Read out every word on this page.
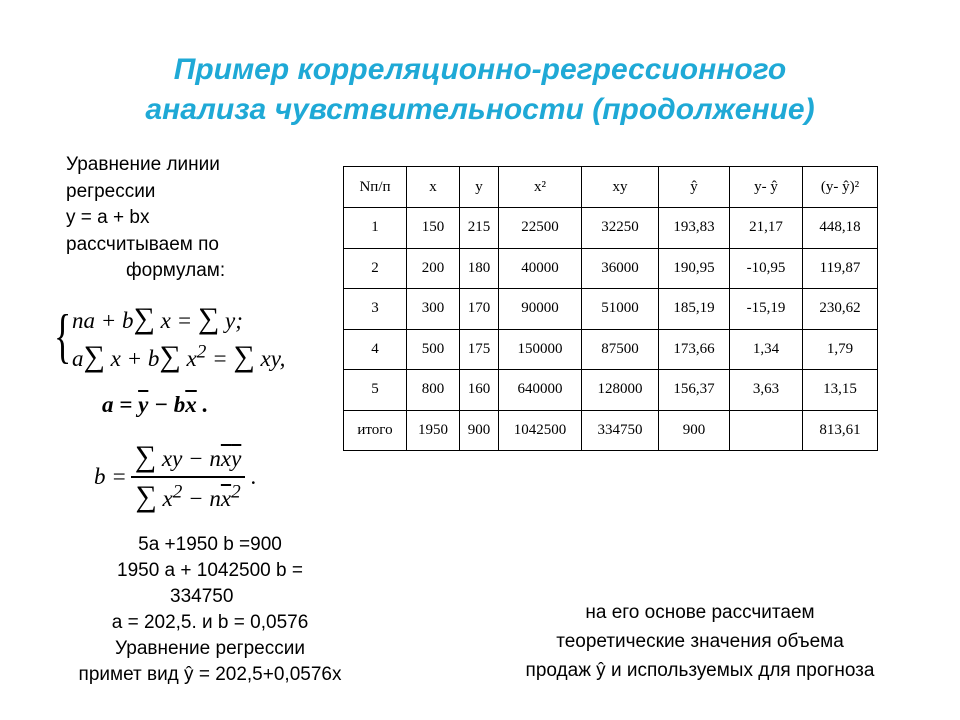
Пример корреляционно-регрессионного
анализа чувствительности (продолжение)
Уравнение линии
регрессии
y = a + bx
рассчитываем по
формулам:
{ na + b∑ x = ∑ y;
a∑ x + b∑ $x^2$ = ∑ xy,
$a = \overline{y} - b\overline{x}$ .
$b = \frac{\sum xy - n\overline{x}\overline{y}}{\sum x^2 - n\overline{x}^2}$ .
Nп/п	x	y	x²	xy	ŷ	y- ŷ	(y- ŷ)²
1	150	215	22500	32250	193,83	21,17	448,18
2	200	180	40000	36000	190,95	-10,95	119,87
3	300	170	90000	51000	185,19	-15,19	230,62
4	500	175	150000	87500	173,66	1,34	1,79
5	800	160	640000	128000	156,37	3,63	13,15
итого	1950	900	1042500	334750	900		813,61
5a +1950 b =900
1950 a + 1042500 b =
334750
a = 202,5. и b = 0,0576
Уравнение регрессии
примет вид ŷ = 202,5+0,0576x
на его основе рассчитаем
теоретические значения объема
продаж ŷ и используемых для прогноза
